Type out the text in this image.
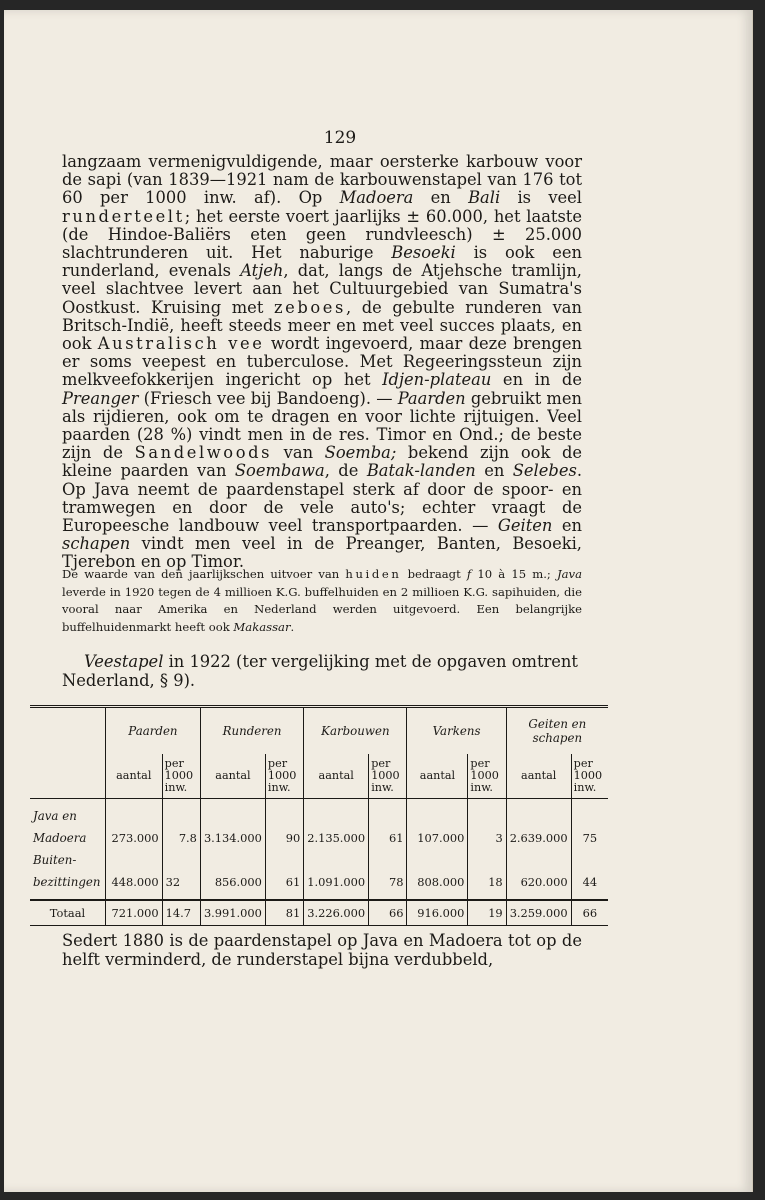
129

langzaam vermenigvuldigende, maar oersterke karbouw voor de sapi (van 1839—1921 nam de karbouwenstapel van 176 tot 60 per 1000 inw. af). Op Madoera en Bali is veel runderteelt; het eerste voert jaarlijks ± 60.000, het laatste (de Hindoe-Baliërs eten geen rundvleesch) ± 25.000 slachtrunderen uit. Het naburige Besoeki is ook een runderland, evenals Atjeh, dat, langs de Atjehsche tramlijn, veel slachtvee levert aan het Cultuurgebied van Sumatra's Oostkust. Kruising met zeboes, de gebulte runderen van Britsch-Indië, heeft steeds meer en met veel succes plaats, en ook Australisch vee wordt ingevoerd, maar deze brengen er soms veepest en tuberculose. Met Regeeringssteun zijn melkveefokkerijen ingericht op het Idjen-plateau en in de Preanger (Friesch vee bij Bandoeng). — Paarden gebruikt men als rijdieren, ook om te dragen en voor lichte rijtuigen. Veel paarden (28 %) vindt men in de res. Timor en Ond.; de beste zijn de Sandelwoods van Soemba; bekend zijn ook de kleine paarden van Soembawa, de Batak-landen en Selebes. Op Java neemt de paardenstapel sterk af door de spoor- en tramwegen en door de vele auto's; echter vraagt de Europeesche landbouw veel transportpaarden. — Geiten en schapen vindt men veel in de Preanger, Banten, Besoeki, Tjerebon en op Timor.

De waarde van den jaarlijkschen uitvoer van huiden bedraagt f 10 à 15 m.; Java leverde in 1920 tegen de 4 millioen K.G. buffelhuiden en 2 millioen K.G. sapihuiden, die vooral naar Amerika en Nederland werden uitgevoerd. Een belangrijke buffelhuidenmarkt heeft ook Makassar.

Veestapel in 1922 (ter vergelijking met de opgaven omtrent
Nederland, § 9).
	Paarden		Runderen		Karbouwen		Varkens		Geiten en schapen	
	aantal	per
1000
inw.	aantal	per
1000
inw.	aantal	per
1000
inw.	aantal	per
1000
inw.	aantal	per
1000
inw.

Java en										
Madoera	273.000	7.8	3.134.000	90	2.135.000	61	107.000	3	2.639.000	75
Buiten-										
bezittingen	448.000	32	856.000	61	1.091.000	78	808.000	18	620.000	44

Totaal	721.000	14.7	3.991.000	81	3.226.000	66	916.000	19	3.259.000	66

Sedert 1880 is de paardenstapel op Java en Madoera tot op de helft verminderd, de runderstapel bijna verdubbeld,
